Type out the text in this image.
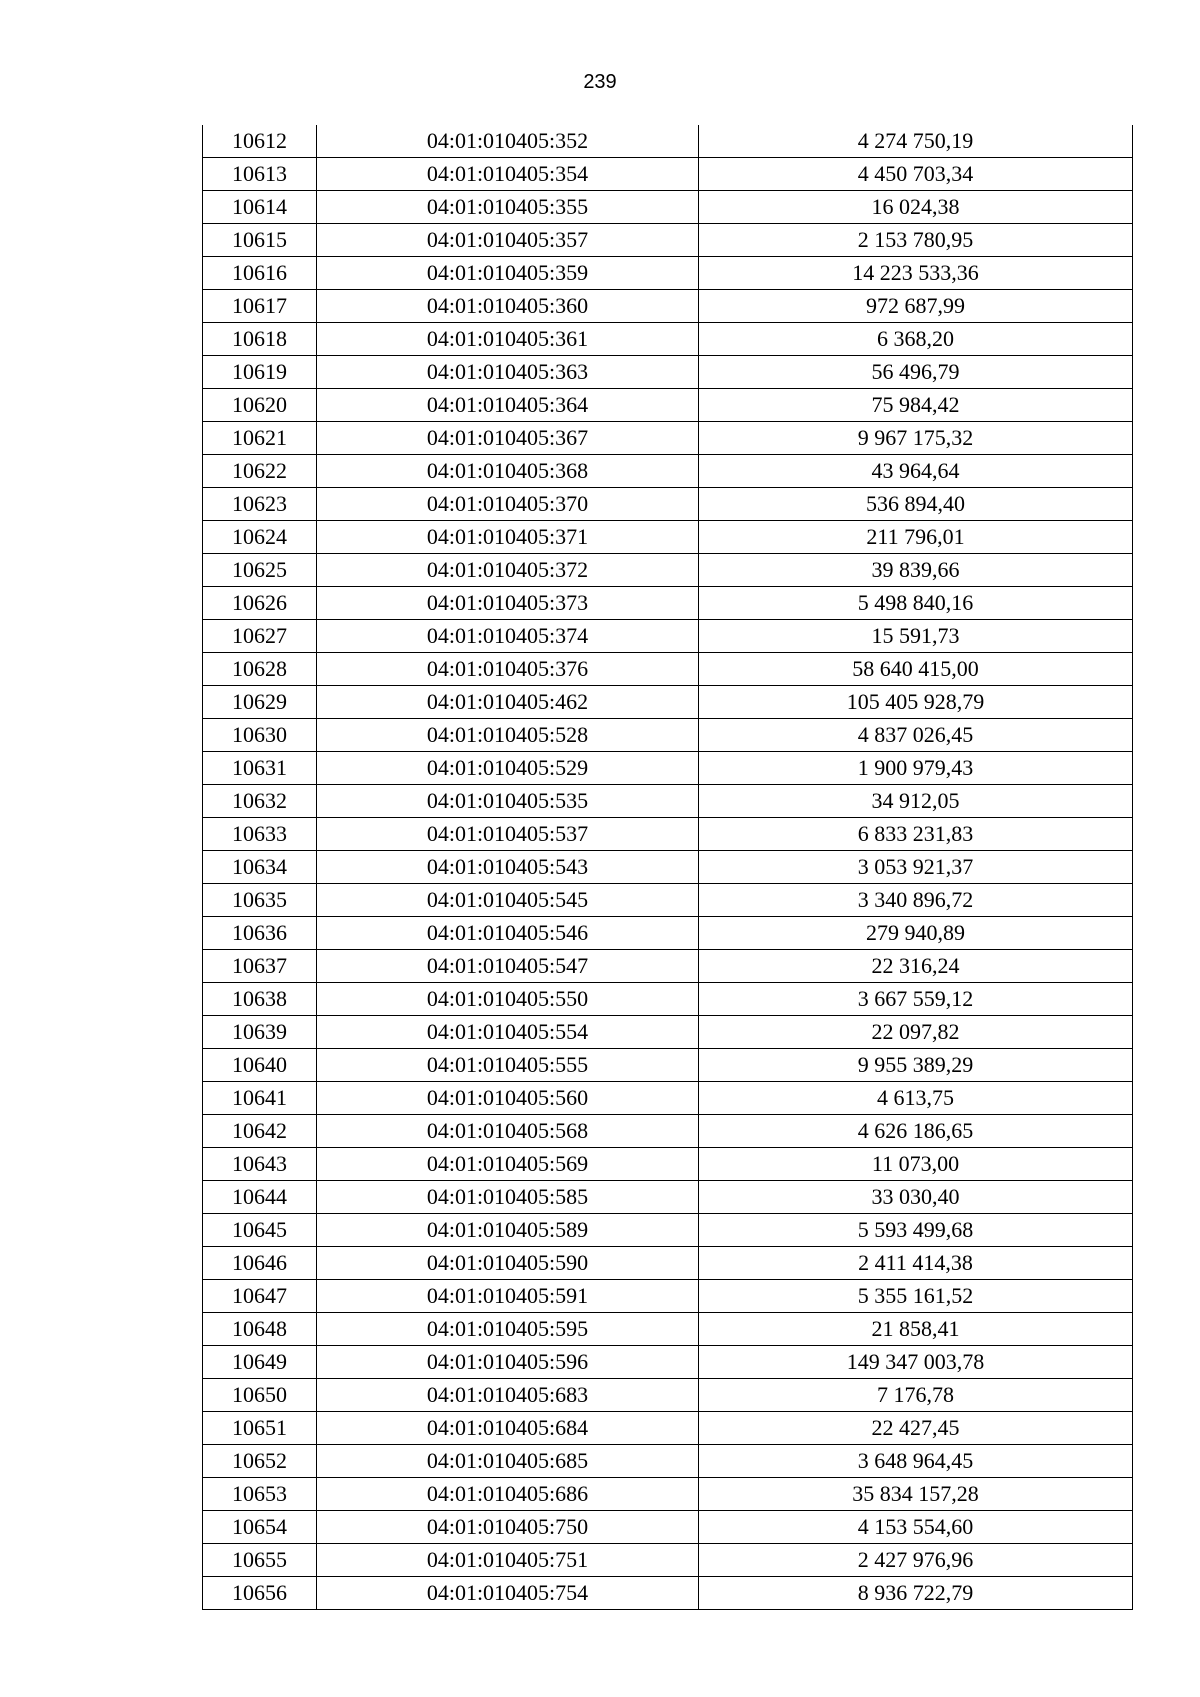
239
10612	04:01:010405:352	4 274 750,19
10613	04:01:010405:354	4 450 703,34
10614	04:01:010405:355	16 024,38
10615	04:01:010405:357	2 153 780,95
10616	04:01:010405:359	14 223 533,36
10617	04:01:010405:360	972 687,99
10618	04:01:010405:361	6 368,20
10619	04:01:010405:363	56 496,79
10620	04:01:010405:364	75 984,42
10621	04:01:010405:367	9 967 175,32
10622	04:01:010405:368	43 964,64
10623	04:01:010405:370	536 894,40
10624	04:01:010405:371	211 796,01
10625	04:01:010405:372	39 839,66
10626	04:01:010405:373	5 498 840,16
10627	04:01:010405:374	15 591,73
10628	04:01:010405:376	58 640 415,00
10629	04:01:010405:462	105 405 928,79
10630	04:01:010405:528	4 837 026,45
10631	04:01:010405:529	1 900 979,43
10632	04:01:010405:535	34 912,05
10633	04:01:010405:537	6 833 231,83
10634	04:01:010405:543	3 053 921,37
10635	04:01:010405:545	3 340 896,72
10636	04:01:010405:546	279 940,89
10637	04:01:010405:547	22 316,24
10638	04:01:010405:550	3 667 559,12
10639	04:01:010405:554	22 097,82
10640	04:01:010405:555	9 955 389,29
10641	04:01:010405:560	4 613,75
10642	04:01:010405:568	4 626 186,65
10643	04:01:010405:569	11 073,00
10644	04:01:010405:585	33 030,40
10645	04:01:010405:589	5 593 499,68
10646	04:01:010405:590	2 411 414,38
10647	04:01:010405:591	5 355 161,52
10648	04:01:010405:595	21 858,41
10649	04:01:010405:596	149 347 003,78
10650	04:01:010405:683	7 176,78
10651	04:01:010405:684	22 427,45
10652	04:01:010405:685	3 648 964,45
10653	04:01:010405:686	35 834 157,28
10654	04:01:010405:750	4 153 554,60
10655	04:01:010405:751	2 427 976,96
10656	04:01:010405:754	8 936 722,79
